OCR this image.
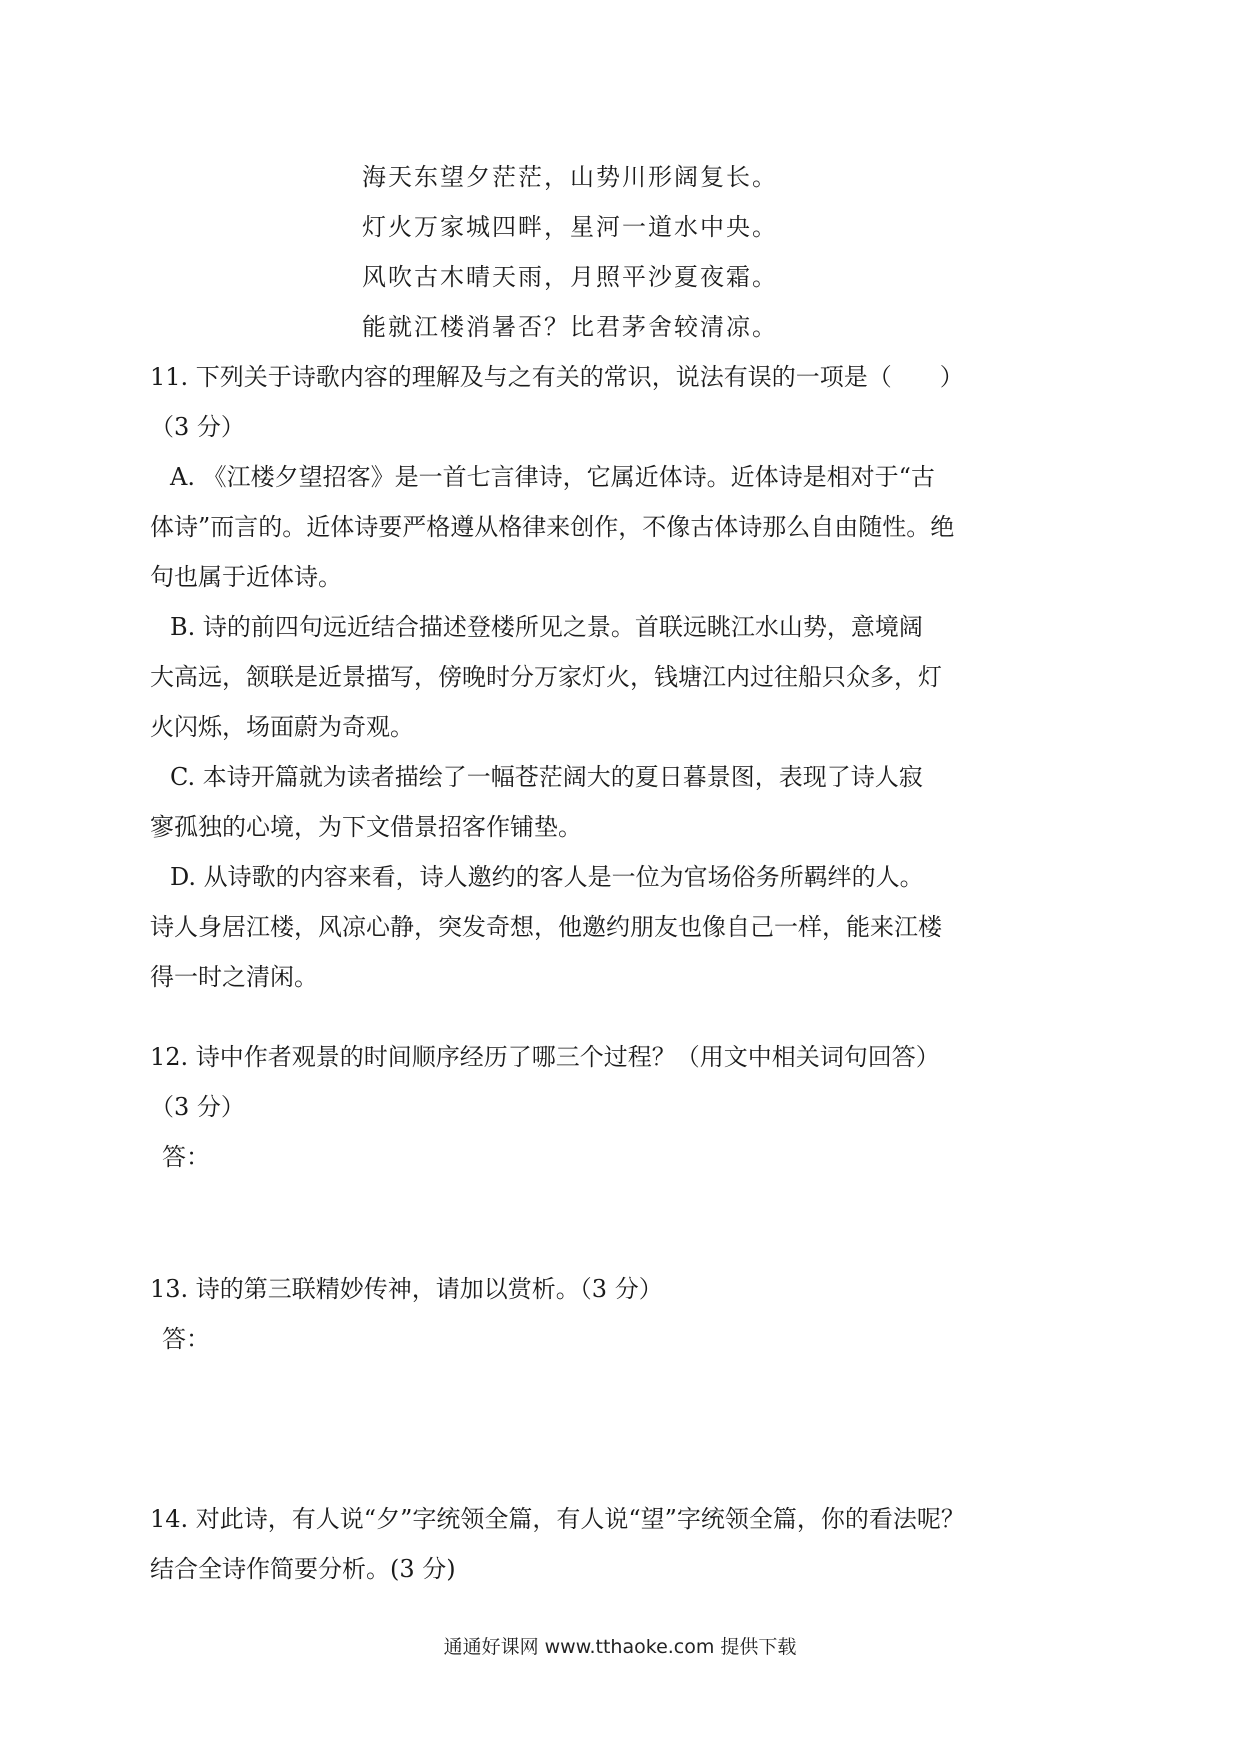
海天东望夕茫茫，山势川形阔复长。
灯火万家城四畔，星河一道水中央。
风吹古木晴天雨，月照平沙夏夜霜。
能就江楼消暑否？比君茅舍较清凉。
11. 下列关于诗歌内容的理解及与之有关的常识，说法有误的一项是（　　）
（3 分）
A. 《江楼夕望招客》是一首七言律诗，它属近体诗。近体诗是相对于“古
体诗”而言的。近体诗要严格遵从格律来创作，不像古体诗那么自由随性。绝
句也属于近体诗。
B. 诗的前四句远近结合描述登楼所见之景。首联远眺江水山势，意境阔
大高远，颔联是近景描写，傍晚时分万家灯火，钱塘江内过往船只众多，灯
火闪烁，场面蔚为奇观。
C. 本诗开篇就为读者描绘了一幅苍茫阔大的夏日暮景图，表现了诗人寂
寥孤独的心境，为下文借景招客作铺垫。
D. 从诗歌的内容来看，诗人邀约的客人是一位为官场俗务所羁绊的人。
诗人身居江楼，风凉心静，突发奇想，他邀约朋友也像自己一样，能来江楼
得一时之清闲。
12. 诗中作者观景的时间顺序经历了哪三个过程？（用文中相关词句回答）
（3 分）
答：
13. 诗的第三联精妙传神，请加以赏析。（3 分）
答：
14. 对此诗，有人说“夕”字统领全篇，有人说“望”字统领全篇，你的看法呢？
结合全诗作简要分析。(3 分)
通通好课网 www.tthaoke.com 提供下载
